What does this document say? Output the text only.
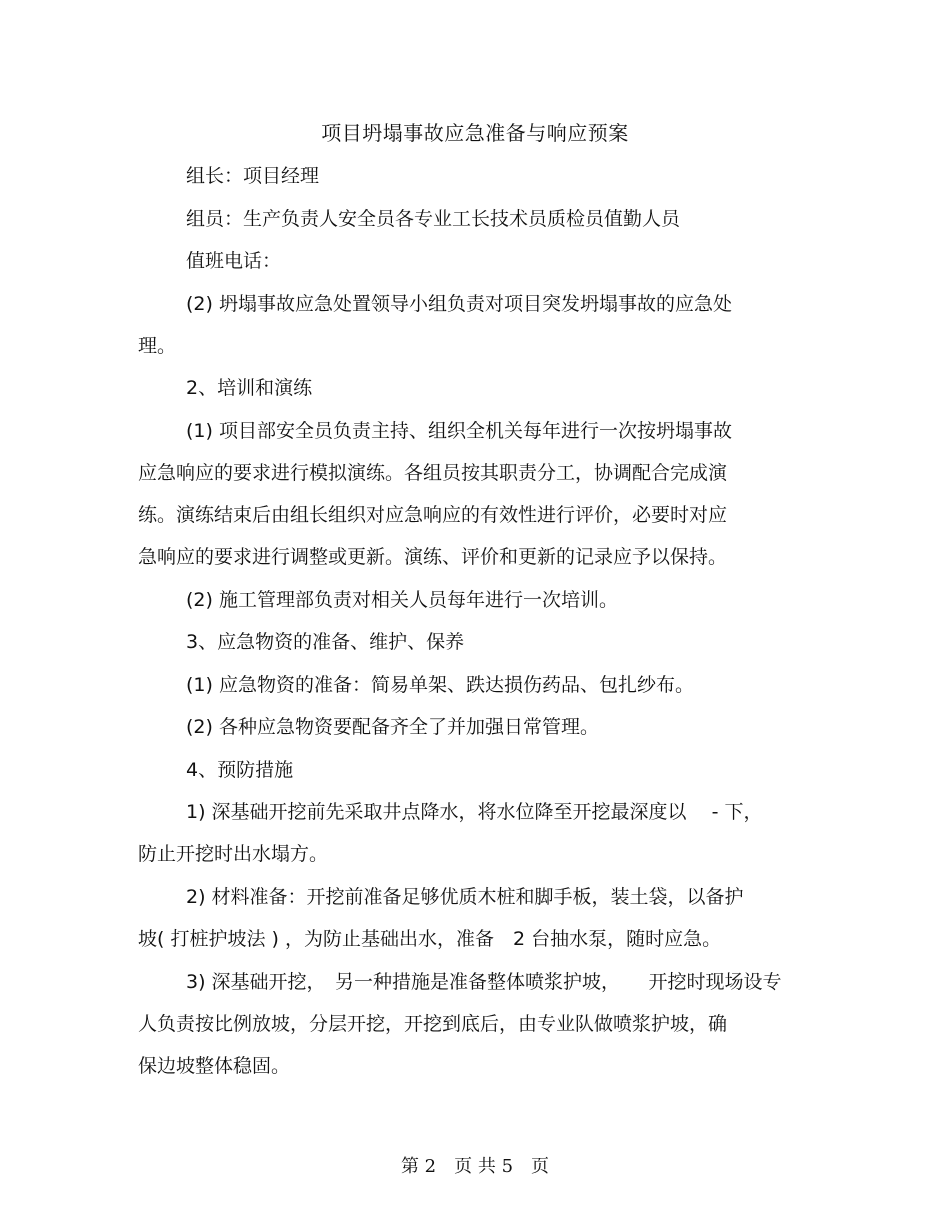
项目坍塌事故应急准备与响应预案
组长：项目经理
组员：生产负责人安全员各专业工长技术员质检员值勤人员
值班电话：
(2) 坍塌事故应急处置领导小组负责对项目突发坍塌事故的应急处
理。
2、培训和演练
(1) 项目部安全员负责主持、组织全机关每年进行一次按坍塌事故
应急响应的要求进行模拟演练。各组员按其职责分工，协调配合完成演
练。演练结束后由组长组织对应急响应的有效性进行评价，必要时对应
急响应的要求进行调整或更新。演练、评价和更新的记录应予以保持。
(2) 施工管理部负责对相关人员每年进行一次培训。
3、应急物资的准备、维护、保养
(1) 应急物资的准备：简易单架、跌达损伤药品、包扎纱布。
(2) 各种应急物资要配备齐全了并加强日常管理。
4、预防措施
1) 深基础开挖前先采取井点降水，将水位降至开挖最深度以　 - 下，
防止开挖时出水塌方。
2) 材料准备：开挖前准备足够优质木桩和脚手板，装土袋，以备护
坡( 打桩护坡法 ) ，为防止基础出水，准备　2 台抽水泵，随时应急。
3) 深基础开挖，　另一种措施是准备整体喷浆护坡，　　开挖时现场设专
人负责按比例放坡，分层开挖，开挖到底后，由专业队做喷浆护坡，确
保边坡整体稳固。
第 2　页 共 5　页
